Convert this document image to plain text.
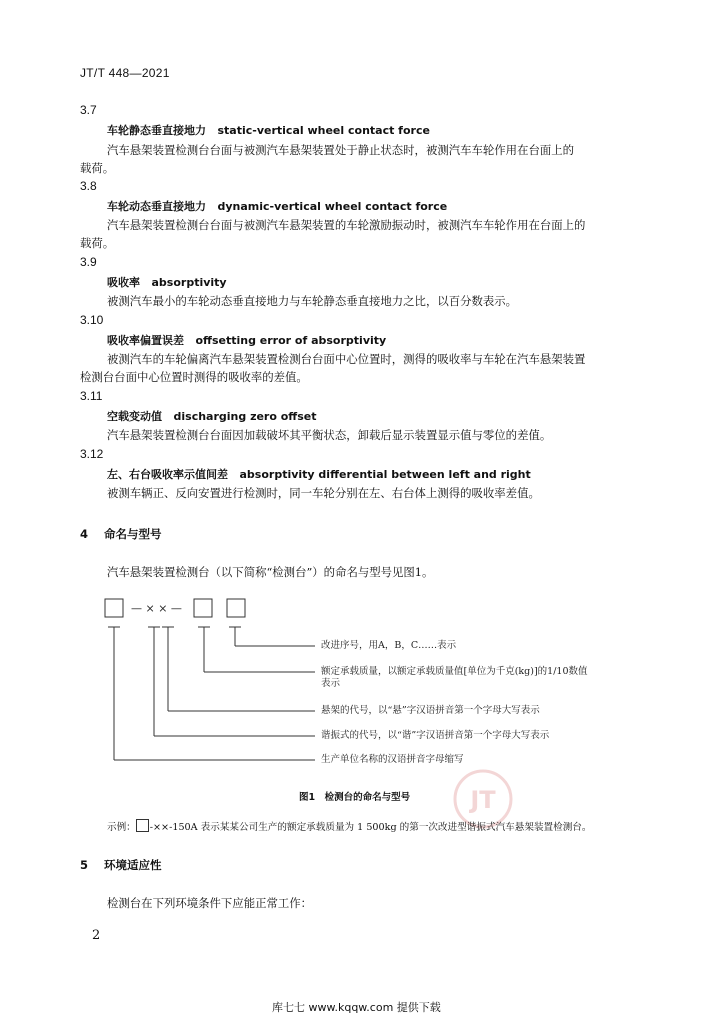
JT/T 448—2021
3.7
车轮静态垂直接地力 static-vertical wheel contact force
汽车悬架装置检测台台面与被测汽车悬架装置处于静止状态时，被测汽车车轮作用在台面上的
载荷。
3.8
车轮动态垂直接地力 dynamic-vertical wheel contact force
汽车悬架装置检测台台面与被测汽车悬架装置的车轮激励振动时，被测汽车车轮作用在台面上的
载荷。
3.9
吸收率 absorptivity
被测汽车最小的车轮动态垂直接地力与车轮静态垂直接地力之比，以百分数表示。
3.10
吸收率偏置误差 offsetting error of absorptivity
被测汽车的车轮偏离汽车悬架装置检测台台面中心位置时，测得的吸收率与车轮在汽车悬架装置
检测台台面中心位置时测得的吸收率的差值。
3.11
空载变动值 discharging zero offset
汽车悬架装置检测台台面因加载破坏其平衡状态，卸载后显示装置显示值与零位的差值。
3.12
左、右台吸收率示值间差 absorptivity differential between left and right
被测车辆正、反向安置进行检测时，同一车轮分别在左、右台体上测得的吸收率差值。
4 命名与型号
汽车悬架装置检测台（以下简称“检测台”）的命名与型号见图1。
— × × —
改进序号，用A，B，C……表示
额定承载质量，以额定承载质量值[单位为千克(kg)]的1/10数值
表示
悬架的代号，以“悬”字汉语拼音第一个字母大写表示
谐振式的代号，以“谐”字汉语拼音第一个字母大写表示
生产单位名称的汉语拼音字母缩写
JT
图1　检测台的命名与型号
示例： -××-150A 表示某某公司生产的额定承载质量为 1 500kg 的第一次改进型谐振式汽车悬架装置检测台。
5 环境适应性
检测台在下列环境条件下应能正常工作：
2
库七七 www.kqqw.com 提供下载
